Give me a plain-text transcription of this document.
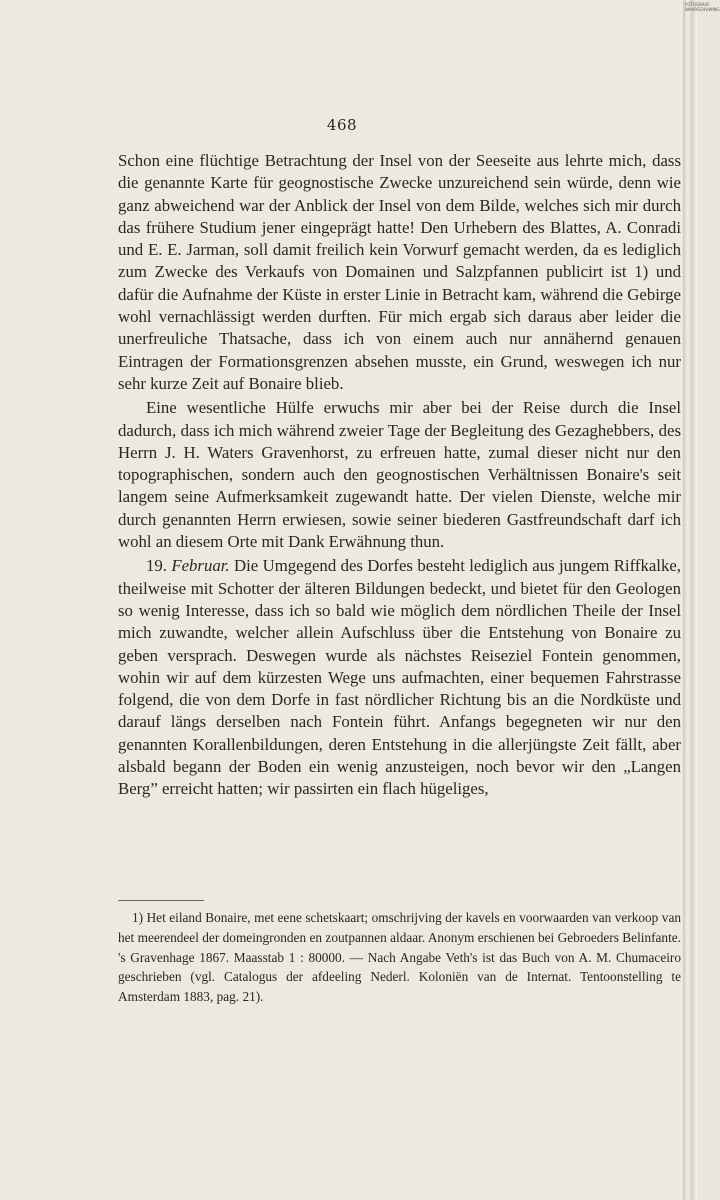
468

Schon eine flüchtige Betrachtung der Insel von der Seeseite aus lehrte mich, dass die genannte Karte für geognostische Zwecke unzureichend sein würde, denn wie ganz abweichend war der Anblick der Insel von dem Bilde, welches sich mir durch das frühere Studium jener eingeprägt hatte! Den Urhebern des Blattes, A. Conradi und E. E. Jarman, soll damit freilich kein Vorwurf gemacht werden, da es lediglich zum Zwecke des Verkaufs von Domainen und Salzpfannen publicirt ist 1) und dafür die Aufnahme der Küste in erster Linie in Betracht kam, während die Gebirge wohl vernachlässigt werden durften. Für mich ergab sich daraus aber leider die unerfreuliche Thatsache, dass ich von einem auch nur annähernd genauen Eintragen der Formationsgrenzen absehen musste, ein Grund, weswegen ich nur sehr kurze Zeit auf Bonaire blieb.

Eine wesentliche Hülfe erwuchs mir aber bei der Reise durch die Insel dadurch, dass ich mich während zweier Tage der Begleitung des Gezaghebbers, des Herrn J. H. Waters Gravenhorst, zu erfreuen hatte, zumal dieser nicht nur den topographischen, sondern auch den geognostischen Verhältnissen Bonaire's seit langem seine Aufmerksamkeit zugewandt hatte. Der vielen Dienste, welche mir durch genannten Herrn erwiesen, sowie seiner biederen Gastfreundschaft darf ich wohl an diesem Orte mit Dank Erwähnung thun.

19. Februar. Die Umgegend des Dorfes besteht lediglich aus jungem Riffkalke, theilweise mit Schotter der älteren Bildungen bedeckt, und bietet für den Geologen so wenig Interesse, dass ich so bald wie möglich dem nördlichen Theile der Insel mich zuwandte, welcher allein Aufschluss über die Entstehung von Bonaire zu geben versprach. Deswegen wurde als nächstes Reiseziel Fontein genommen, wohin wir auf dem kürzesten Wege uns aufmachten, einer bequemen Fahrstrasse folgend, die von dem Dorfe in fast nördlicher Richtung bis an die Nordküste und darauf längs derselben nach Fontein führt. Anfangs begegneten wir nur den genannten Korallenbildungen, deren Entstehung in die allerjüngste Zeit fällt, aber alsbald begann der Boden ein wenig anzusteigen, noch bevor wir den „Langen Berg” erreicht hatten; wir passirten ein flach hügeliges,

1) Het eiland Bonaire, met eene schetskaart; omschrijving der kavels en voorwaarden van verkoop van het meerendeel der domeingronden en zoutpannen aldaar. Anonym erschienen bei Gebroeders Belinfante. 's Gravenhage 1867. Maasstab 1 : 80000. — Nach Angabe Veth's ist das Buch von A. M. Chumaceiro geschrieben (vgl. Catalogus der afdeeling Nederl. Koloniën van de Internat. Tentoonstelling te Amsterdam 1883, pag. 21).
FOTOGRAAF WAARSCHUWING
